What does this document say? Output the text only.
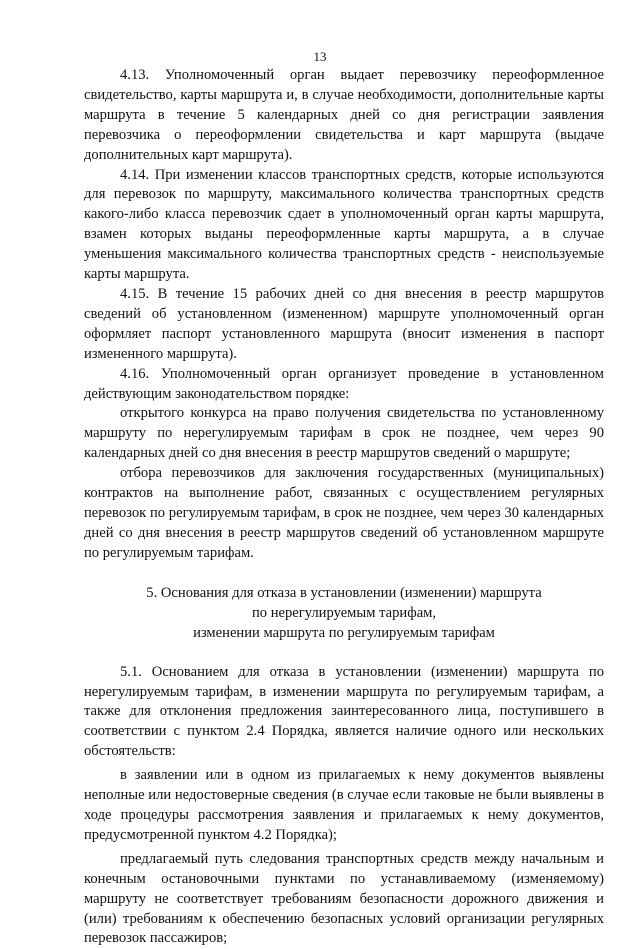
13

4.13. Уполномоченный орган выдает перевозчику переоформленное свидетельство, карты маршрута и, в случае необходимости, дополнительные карты маршрута в течение 5 календарных дней со дня регистрации заявления перевозчика о переоформлении свидетельства и карт маршрута (выдаче дополнительных карт маршрута).

4.14. При изменении классов транспортных средств, которые используются для перевозок по маршруту, максимального количества транспортных средств какого-либо класса перевозчик сдает в уполномоченный орган карты маршрута, взамен которых выданы переоформленные карты маршрута, а в случае уменьшения максимального количества транспортных средств - неиспользуемые карты маршрута.

4.15. В течение 15 рабочих дней со дня внесения в реестр маршрутов сведений об установленном (измененном) маршруте уполномоченный орган оформляет паспорт установленного маршрута (вносит изменения в паспорт измененного маршрута).

4.16. Уполномоченный орган организует проведение в установленном действующим законодательством порядке:

открытого конкурса на право получения свидетельства по установленному маршруту по нерегулируемым тарифам в срок не позднее, чем через 90 календарных дней со дня внесения в реестр маршрутов сведений о маршруте;

отбора перевозчиков для заключения государственных (муниципальных) контрактов на выполнение работ, связанных с осуществлением регулярных перевозок по регулируемым тарифам, в срок не позднее, чем через 30 календарных дней со дня внесения в реестр маршрутов сведений об установленном маршруте по регулируемым тарифам.

5. Основания для отказа в установлении (изменении) маршрута
по нерегулируемым тарифам,
изменении маршрута по регулируемым тарифам

5.1. Основанием для отказа в установлении (изменении) маршрута по нерегулируемым тарифам, в изменении маршрута по регулируемым тарифам, а также для отклонения предложения заинтересованного лица, поступившего в соответствии с пунктом 2.4 Порядка, является наличие одного или нескольких обстоятельств:

в заявлении или в одном из прилагаемых к нему документов выявлены неполные или недостоверные сведения (в случае если таковые не были выявлены в ходе процедуры рассмотрения заявления и прилагаемых к нему документов, предусмотренной пунктом 4.2 Порядка);

предлагаемый путь следования транспортных средств между начальным и конечным остановочными пунктами по устанавливаемому (изменяемому) маршруту не соответствует требованиям безопасности дорожного движения и (или) требованиям к обеспечению безопасных условий организации регулярных перевозок пассажиров;
